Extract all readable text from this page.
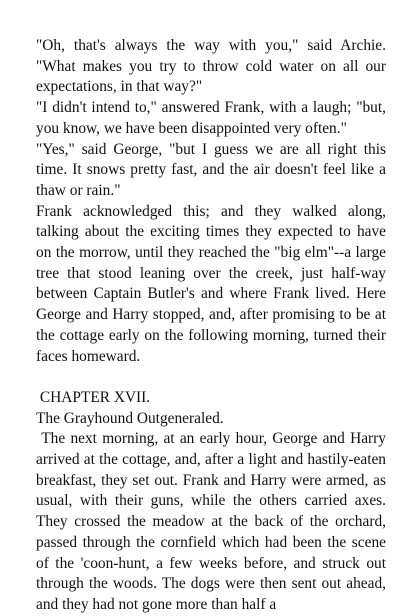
"Oh, that's always the way with you," said Archie. "What makes you try to throw cold water on all our expectations, in that way?"

"I didn't intend to," answered Frank, with a laugh; "but, you know, we have been disappointed very often."

"Yes," said George, "but I guess we are all right this time. It snows pretty fast, and the air doesn't feel like a thaw or rain."

Frank acknowledged this; and they walked along, talking about the exciting times they expected to have on the morrow, until they reached the "big elm"--a large tree that stood leaning over the creek, just half-way between Captain Butler's and where Frank lived. Here George and Harry stopped, and, after promising to be at the cottage early on the following morning, turned their faces homeward.

CHAPTER XVII.

The Grayhound Outgeneraled.

The next morning, at an early hour, George and Harry arrived at the cottage, and, after a light and hastily-eaten breakfast, they set out. Frank and Harry were armed, as usual, with their guns, while the others carried axes. They crossed the meadow at the back of the orchard, passed through the cornfield which had been the scene of the 'coon-hunt, a few weeks before, and struck out through the woods. The dogs were then sent out ahead, and they had not gone more than half a
